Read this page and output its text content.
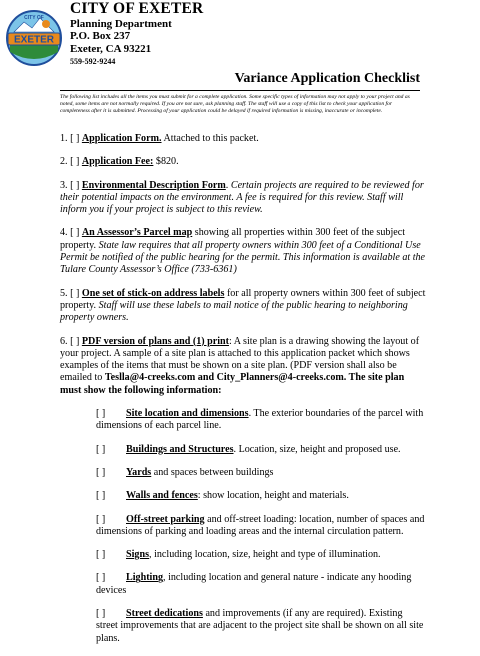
CITY OF
EXETER
CITY OF EXETER
Planning Department
P.O. Box 237
Exeter, CA 93221
559-592-9244
Variance Application Checklist
The following list includes all the items you must submit for a complete application. Some specific types of information may not apply to your project and as noted, some items are not normally required. If you are not sure, ask planning staff. The staff will use a copy of this list to check your application for completeness after it is submitted. Processing of your application could be delayed if required information is missing, inaccurate or incomplete.
1. [ ] Application Form. Attached to this packet.
2. [ ] Application Fee: $820.
3. [ ] Environmental Description Form. Certain projects are required to be reviewed for their potential impacts on the environment. A fee is required for this review. Staff will inform you if your project is subject to this review.
4. [ ] An Assessor’s Parcel map showing all properties within 300 feet of the subject property. State law requires that all property owners within 300 feet of a Conditional Use Permit be notified of the public hearing for the permit. This information is available at the Tulare County Assessor’s Office (733-6361)
5. [ ] One set of stick-on address labels for all property owners within 300 feet of subject property. Staff will use these labels to mail notice of the public hearing to neighboring property owners.
6. [ ] PDF version of plans and (1) print: A site plan is a drawing showing the layout of your project. A sample of a site plan is attached to this application packet which shows examples of the items that must be shown on a site plan. (PDF version shall also be emailed to Teslla@4-creeks.com and City_Planners@4-creeks.com. The site plan must show the following information:
[ ] Site location and dimensions. The exterior boundaries of the parcel with dimensions of each parcel line.
[ ] Buildings and Structures. Location, size, height and proposed use.
[ ] Yards and spaces between buildings
[ ] Walls and fences: show location, height and materials.
[ ] Off-street parking and off-street loading: location, number of spaces and dimensions of parking and loading areas and the internal circulation pattern.
[ ] Signs, including location, size, height and type of illumination.
[ ] Lighting, including location and general nature - indicate any hooding devices
[ ] Street dedications and improvements (if any are required). Existing street improvements that are adjacent to the project site shall be shown on all site plans.
